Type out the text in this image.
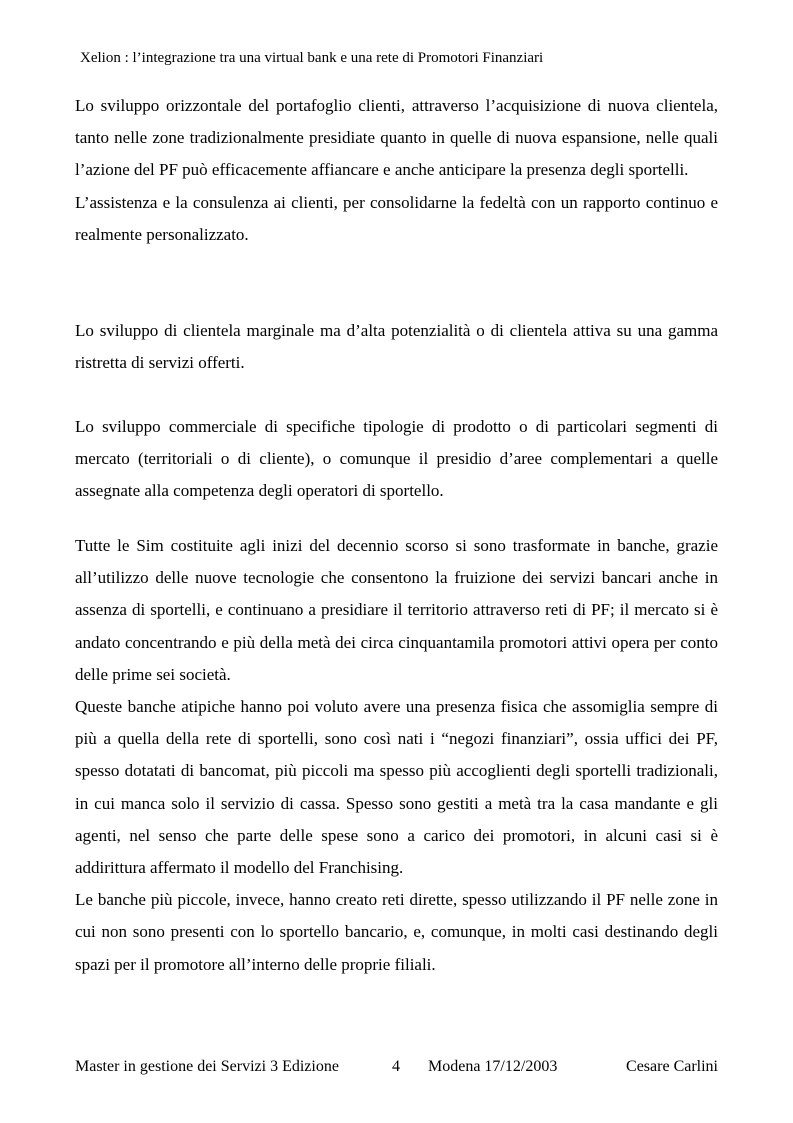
Xelion : l’integrazione tra una virtual bank e una rete di Promotori Finanziari

Lo sviluppo orizzontale del portafoglio clienti, attraverso l’acquisizione di nuova clientela, tanto nelle zone tradizionalmente presidiate quanto in quelle di nuova espansione, nelle quali l’azione del PF può efficacemente affiancare e anche anticipare la presenza degli sportelli.

L’assistenza e la consulenza ai clienti, per consolidarne la fedeltà con un rapporto continuo e realmente personalizzato.

Lo sviluppo di clientela marginale ma d’alta potenzialità o di clientela attiva su una gamma ristretta di servizi offerti.

Lo sviluppo commerciale di specifiche tipologie di prodotto o di particolari segmenti di mercato (territoriali o di cliente), o comunque il presidio d’aree complementari a quelle assegnate alla competenza degli operatori di sportello.

Tutte le Sim costituite agli inizi del decennio scorso si sono trasformate in banche, grazie all’utilizzo delle nuove tecnologie che consentono la fruizione dei servizi bancari anche in assenza di sportelli, e continuano a presidiare il territorio attraverso reti di PF; il mercato si è andato concentrando e più della metà dei circa cinquantamila promotori attivi opera per conto delle prime sei società.

Queste banche atipiche hanno poi voluto avere una presenza fisica che assomiglia sempre di più a quella della rete di sportelli, sono così nati i “negozi finanziari”, ossia uffici dei PF, spesso dotatati di bancomat, più piccoli ma spesso più accoglienti degli sportelli tradizionali, in cui manca solo il servizio di cassa. Spesso sono gestiti a metà tra la casa mandante e gli agenti, nel senso che parte delle spese sono a carico dei promotori, in alcuni casi si è addirittura affermato il modello del Franchising.

Le banche più piccole, invece, hanno creato reti dirette, spesso utilizzando il PF nelle zone in cui non sono presenti con lo sportello bancario, e, comunque, in molti casi destinando degli spazi per il promotore all’interno delle proprie filiali.

Master in gestione dei Servizi 3 Edizione	4 Modena 17/12/2003	Cesare Carlini
